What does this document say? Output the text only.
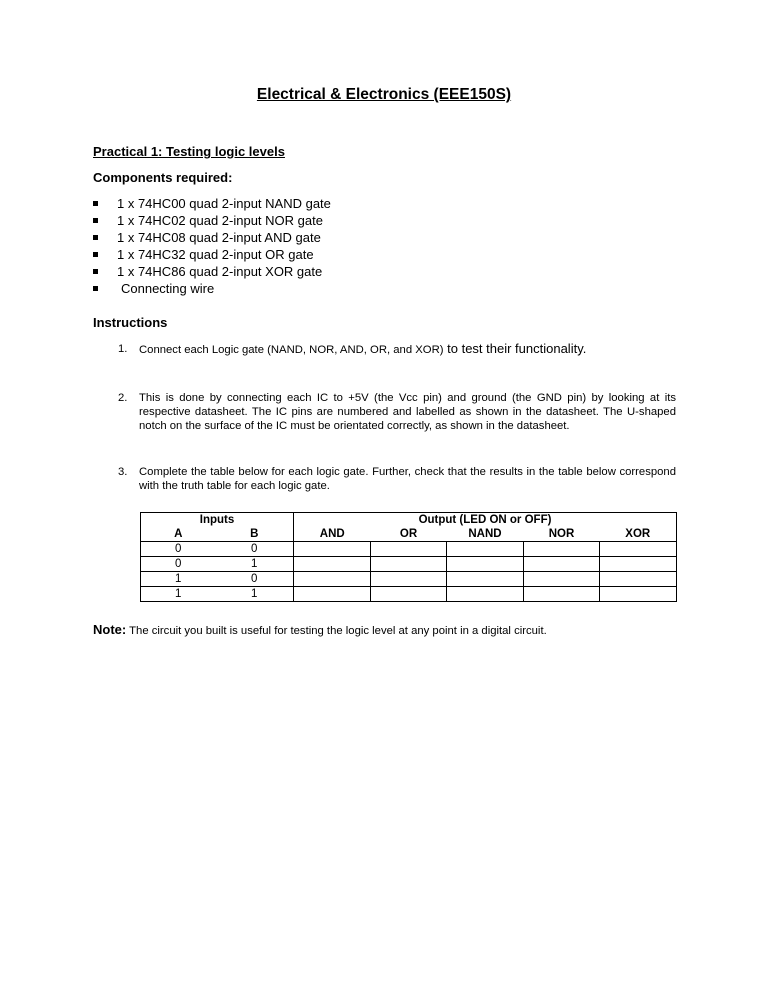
Electrical & Electronics (EEE150S)
Practical 1: Testing logic levels
Components required:
1 x 74HC00 quad 2-input NAND gate
1 x 74HC02 quad 2-input NOR gate
1 x 74HC08 quad 2-input AND gate
1 x 74HC32 quad 2-input OR gate
1 x 74HC86 quad 2-input XOR gate
Connecting wire
Instructions
1. Connect each Logic gate (NAND, NOR, AND, OR, and XOR) to test their functionality.
2. This is done by connecting each IC to +5V (the Vcc pin) and ground (the GND pin) by looking at its respective datasheet. The IC pins are numbered and labelled as shown in the datasheet. The U-shaped notch on the surface of the IC must be orientated correctly, as shown in the datasheet.
3. Complete the table below for each logic gate. Further, check that the results in the table below correspond with the truth table for each logic gate.
Inputs		Output (LED ON or OFF)				
A	B	AND	OR	NAND	NOR	XOR
0	0					
0	1					
1	0					
1	1					
Note: The circuit you built is useful for testing the logic level at any point in a digital circuit.
